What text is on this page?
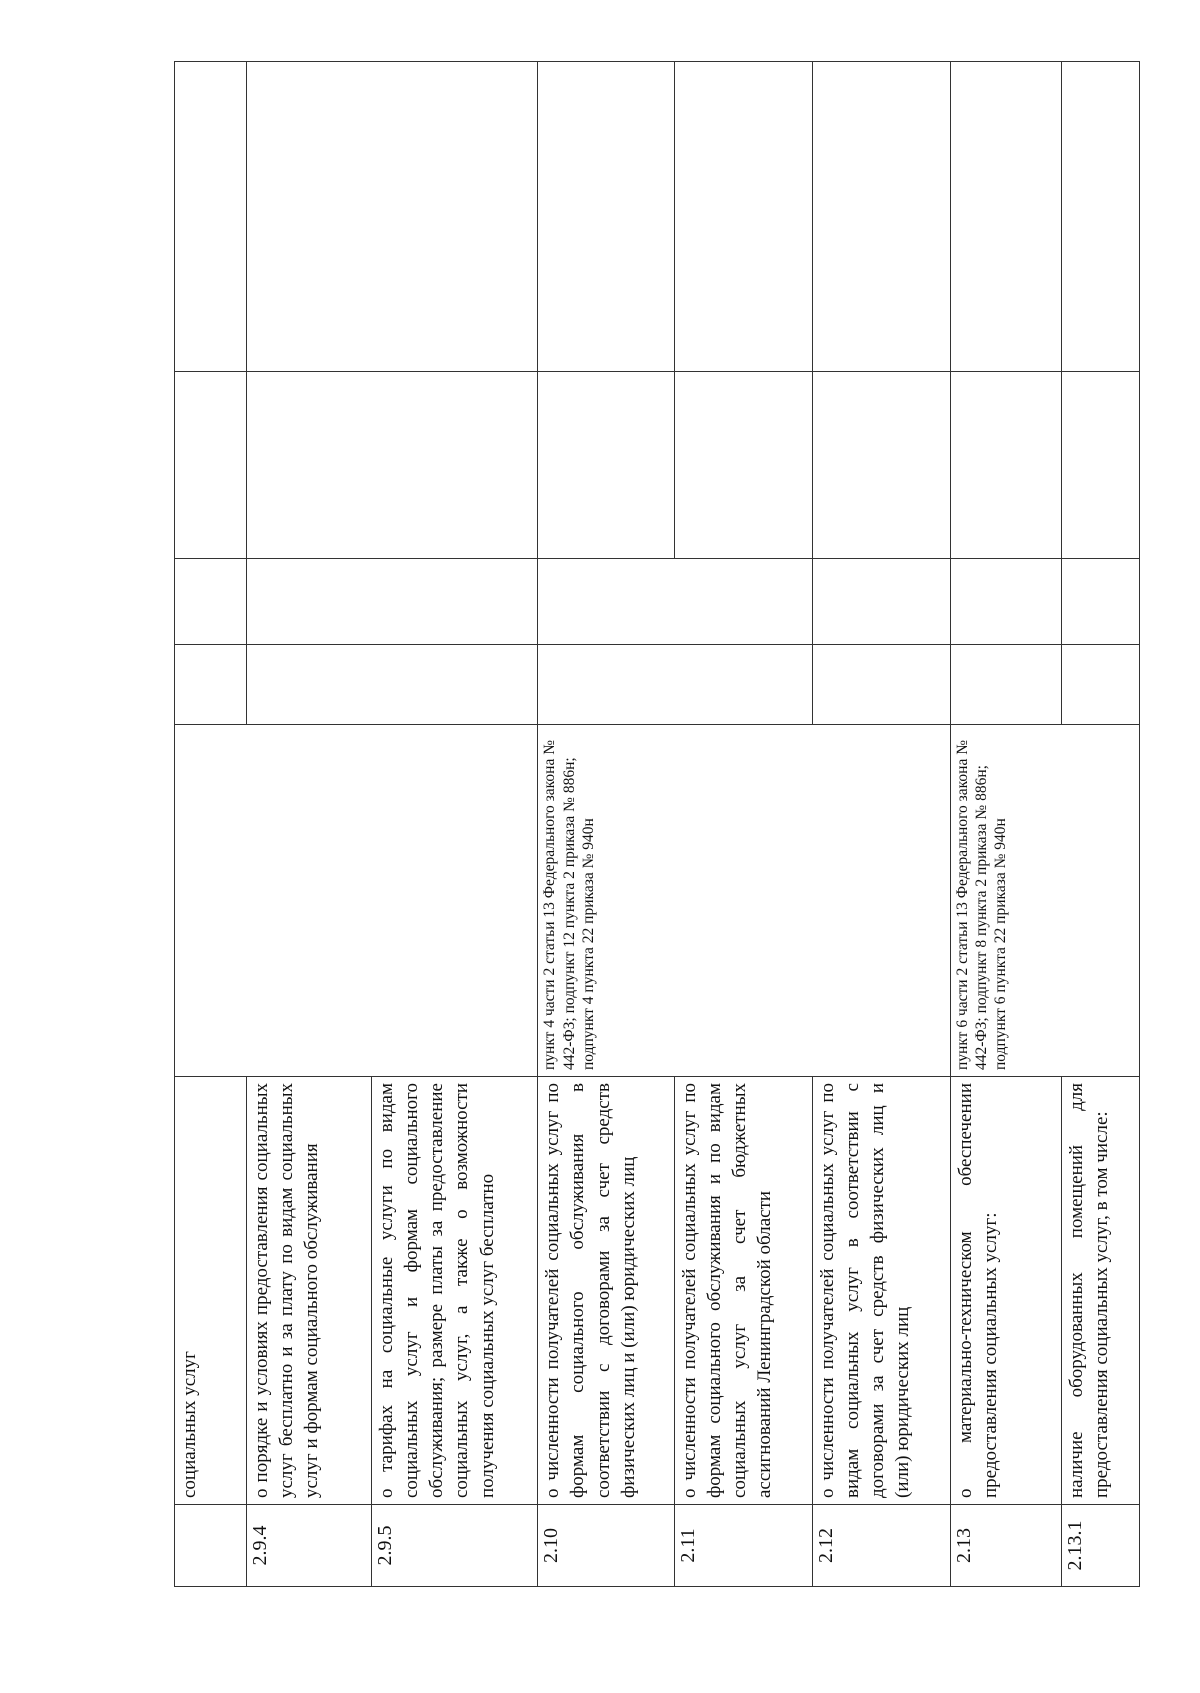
	социальных услуг					
2.9.4	о порядке и условиях предоставления социальных услуг бесплатно и за плату по видам социальных услуг и формам социального обслуживания					
2.9.5	о тарифах на социальные услуги по видам социальных услуг и формам социального обслуживания; размере платы за предоставление социальных услуг, а также о возможности получения социальных услуг бесплатно					
2.10	о численности получателей социальных услуг по формам социального обслуживания в соответствии с договорами за счет средств физических лиц и (или) юридических лиц	пункт 4 части 2 статьи 13 Федерального закона № 442-ФЗ; подпункт 12 пункта 2 приказа № 886н; подпункт 4 пункта 22 приказа № 940н				
2.11	о численности получателей социальных услуг по формам социального обслуживания и по видам социальных услуг за счет бюджетных ассигнований Ленинградской области					
2.12	о численности получателей социальных услуг по видам социальных услуг в соответствии с договорами за счет средств физических лиц и (или) юридических лиц					
2.13	о материально-техническом обеспечении предоставления социальных услуг:	пункт 6 части 2 статьи 13 Федерального закона № 442-ФЗ; подпункт 8 пункта 2 приказа № 886н; подпункт 6 пункта 22 приказа № 940н				
2.13.1	наличие оборудованных помещений для предоставления социальных услуг, в том числе:					
